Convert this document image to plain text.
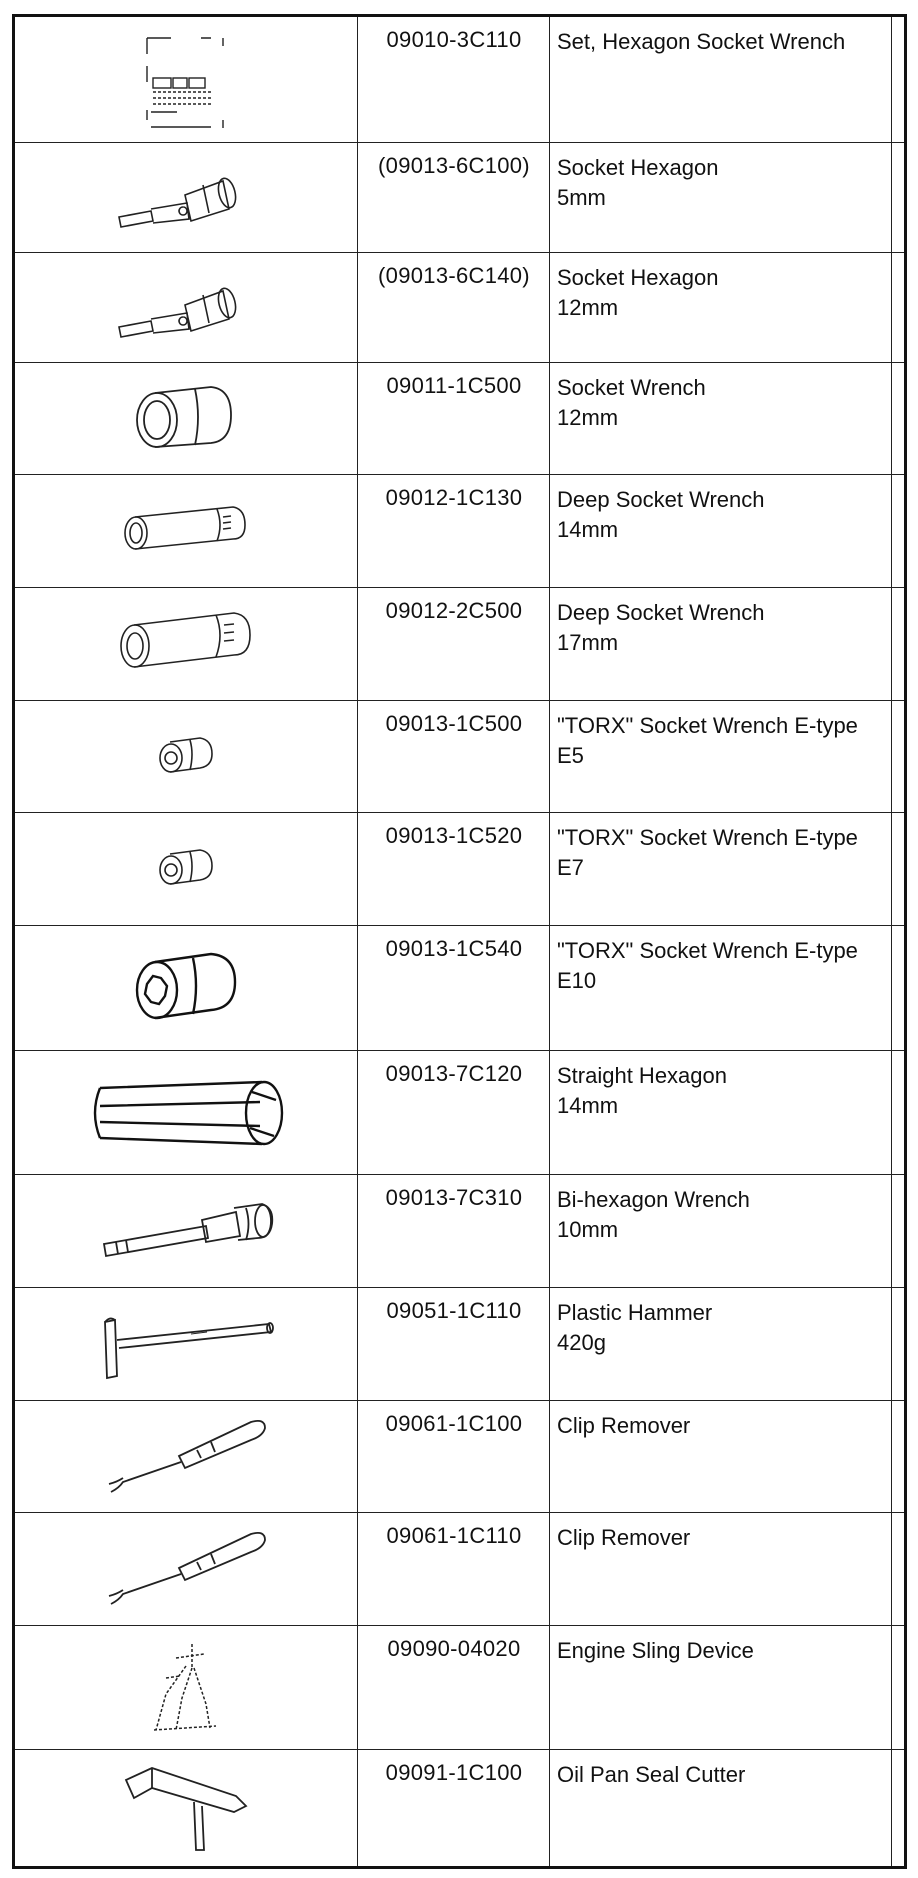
09010-3C110	Set, Hexagon Socket Wrench
(09013-6C100)	Socket Hexagon
5mm
(09013-6C140)	Socket Hexagon
12mm
09011-1C500	Socket Wrench
12mm
09012-1C130	Deep Socket Wrench
14mm
09012-2C500	Deep Socket Wrench
17mm
09013-1C500	"TORX" Socket Wrench E-type
E5
09013-1C520	"TORX" Socket Wrench E-type
E7
09013-1C540	"TORX" Socket Wrench E-type
E10
09013-7C120	Straight Hexagon
14mm
09013-7C310	Bi-hexagon Wrench
10mm
09051-1C110	Plastic Hammer
420g
09061-1C100	Clip Remover
09061-1C110	Clip Remover
09090-04020	Engine Sling Device
09091-1C100	Oil Pan Seal Cutter
